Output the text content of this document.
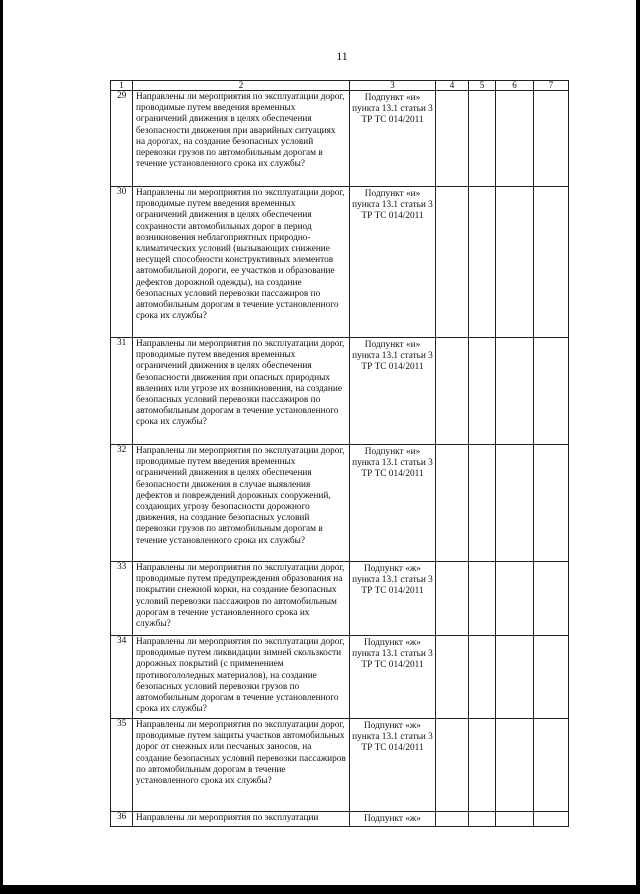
11
1	2	3	4	5	6	7
29	Направлены ли мероприятия по эксплуатации дорог, проводимые путем введения временных ограничений движения в целях обеспечения безопасности движения при аварийных ситуациях на дорогах, на создание безопасных условий перевозки грузов по автомобильным дорогам в течение установленного срока их службы?	Подпункт «и» пункта 13.1 статьи 3 ТР ТС 014/2011				
30	Направлены ли мероприятия по эксплуатации дорог, проводимые путем введения временных ограничений движения в целях обеспечения сохранности автомобильных дорог в период возникновения неблагоприятных природно-климатических условий (вызывающих снижение несущей способности конструктивных элементов автомобильной дороги, ее участков и образование дефектов дорожной одежды), на создание безопасных условий перевозки пассажиров по автомобильным дорогам в течение установленного срока их службы?	Подпункт «и» пункта 13.1 статьи 3 ТР ТС 014/2011				
31	Направлены ли мероприятия по эксплуатации дорог, проводимые путем введения временных ограничений движения в целях обеспечения безопасности движения при опасных природных явлениях или угрозе их возникновения, на создание безопасных условий перевозки пассажиров по автомобильным дорогам в течение установленного срока их службы?	Подпункт «и» пункта 13.1 статьи 3 ТР ТС 014/2011				
32	Направлены ли мероприятия по эксплуатации дорог, проводимые путем введения временных ограничений движения в целях обеспечения безопасности движения в случае выявления дефектов и повреждений дорожных сооружений, создающих угрозу безопасности дорожного движения, на создание безопасных условий перевозки грузов по автомобильным дорогам в течение установленного срока их службы?	Подпункт «и» пункта 13.1 статьи 3 ТР ТС 014/2011				
33	Направлены ли мероприятия по эксплуатации дорог, проводимые путем предупреждения образования на покрытии снежной корки, на создание безопасных условий перевозки пассажиров по автомобильным дорогам в течение установленного срока их службы?	Подпункт «ж» пункта 13.1 статьи 3 ТР ТС 014/2011				
34	Направлены ли мероприятия по эксплуатации дорог, проводимые путем ликвидации зимней скользкости дорожных покрытий (с применением противогололедных материалов), на создание безопасных условий перевозки грузов по автомобильным дорогам в течение установленного срока их службы?	Подпункт «ж» пункта 13.1 статьи 3 ТР ТС 014/2011				
35	Направлены ли мероприятия по эксплуатации дорог, проводимые путем защиты участков автомобильных дорог от снежных или песчаных заносов, на создание безопасных условий перевозки пассажиров по автомобильным дорогам в течение установленного срока их службы?	Подпункт «ж» пункта 13.1 статьи 3 ТР ТС 014/2011				
36	Направлены ли мероприятия по эксплуатации	Подпункт «ж»				
